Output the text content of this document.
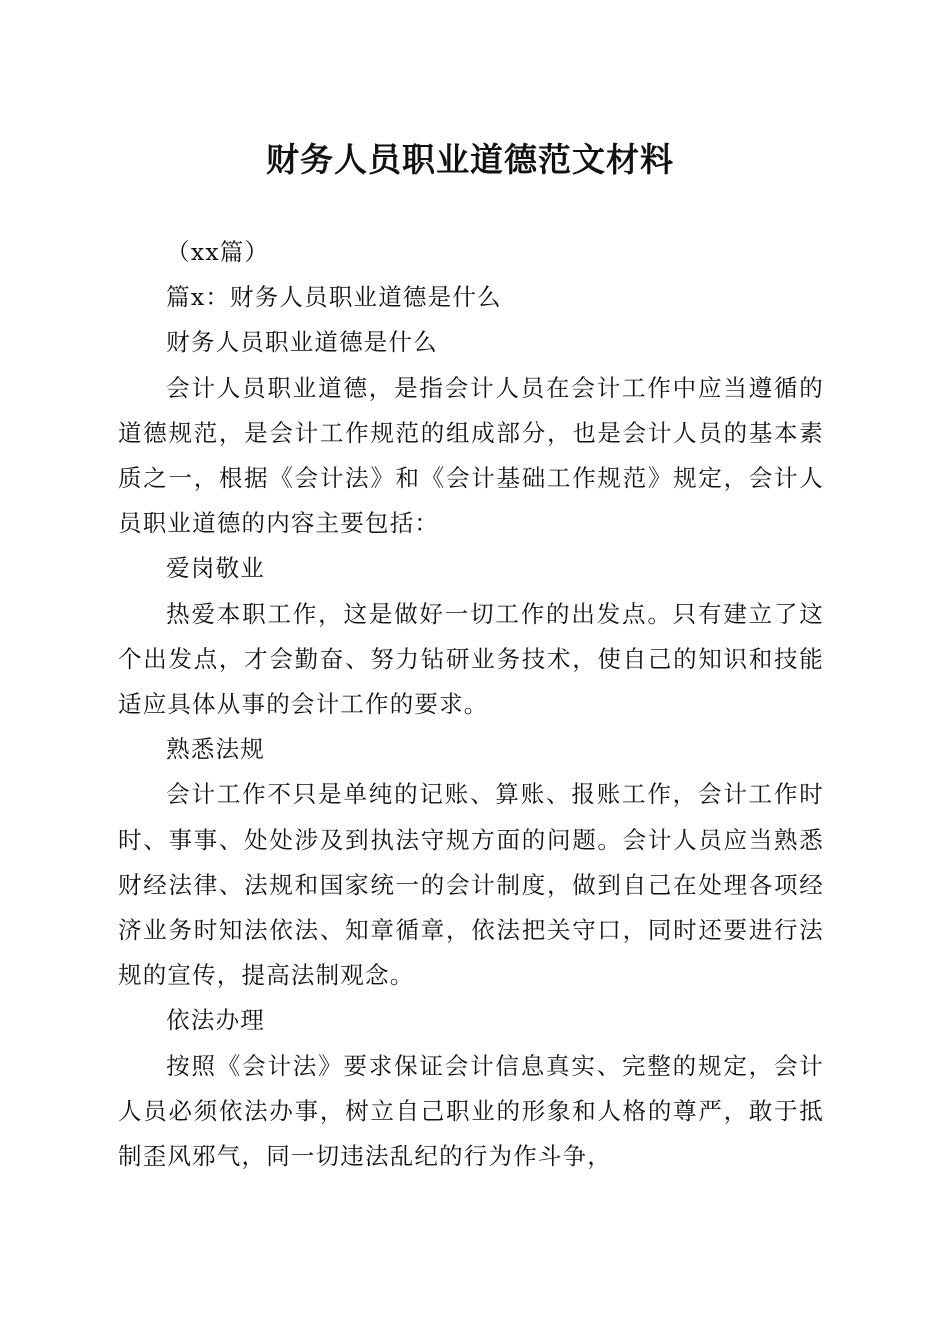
财务人员职业道德范文材料

（xx篇）

篇x：财务人员职业道德是什么

财务人员职业道德是什么

会计人员职业道德，是指会计人员在会计工作中应当遵循的道德规范，是会计工作规范的组成部分，也是会计人员的基本素质之一，根据《会计法》和《会计基础工作规范》规定，会计人员职业道德的内容主要包括：

爱岗敬业

热爱本职工作，这是做好一切工作的出发点。只有建立了这个出发点，才会勤奋、努力钻研业务技术，使自己的知识和技能适应具体从事的会计工作的要求。

熟悉法规

会计工作不只是单纯的记账、算账、报账工作，会计工作时时、事事、处处涉及到执法守规方面的问题。会计人员应当熟悉财经法律、法规和国家统一的会计制度，做到自己在处理各项经济业务时知法依法、知章循章，依法把关守口，同时还要进行法规的宣传，提高法制观念。

依法办理

按照《会计法》要求保证会计信息真实、完整的规定，会计人员必须依法办事，树立自己职业的形象和人格的尊严，敢于抵制歪风邪气，同一切违法乱纪的行为作斗争，
